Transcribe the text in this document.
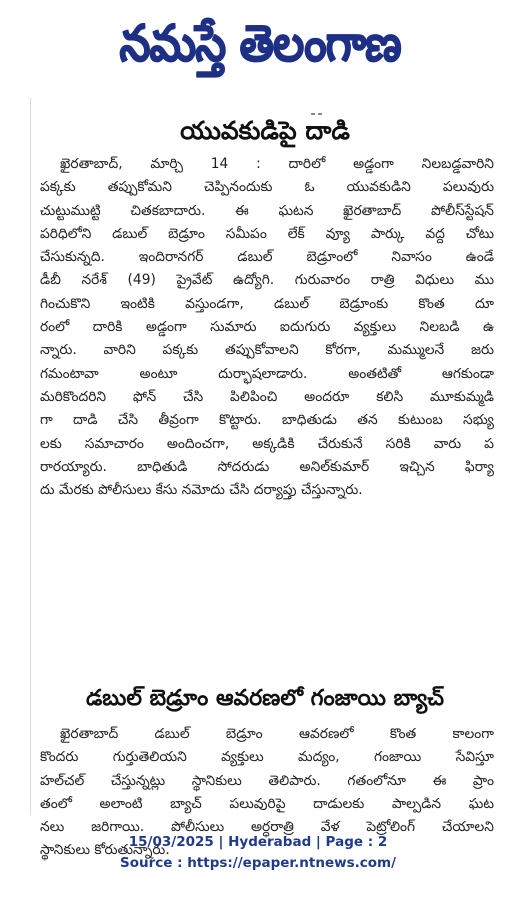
నమస్తే తెలంగాణ
యువకుడిపై దాడి
ఖైరతాబాద్, మార్చి 14 : దారిలో అడ్డంగా నిలబడ్డవారిని
పక్కకు తప్పుకోమని చెప్పినందుకు ఓ యువకుడిని పలువురు
చుట్టుముట్టి చితకబాదారు. ఈ ఘటన ఖైరతాబాద్ పోలీస్‌స్టేషన్
పరిధిలోని డబుల్ బెడ్రూం సమీపం లేక్ వ్యూ పార్కు వద్ద చోటు
చేసుకున్నది. ఇందిరానగర్ డబుల్ బెడ్రూంలో నివాసం ఉండే
డీబీ నరేశ్ (49) ప్రైవేట్ ఉద్యోగి. గురువారం రాత్రి విధులు ము
గించుకొని ఇంటికి వస్తుండగా, డబుల్ బెడ్రూంకు కొంత దూ
రంలో దారికి అడ్డంగా సుమారు ఐదుగురు వ్యక్తులు నిలబడి ఉ
న్నారు. వారిని పక్కకు తప్పుకోవాలని కోరగా, మమ్ములనే జరు
గమంటావా అంటూ దుర్భాషలాడారు. అంతటితో ఆగకుండా
మరికొందరిని ఫోన్ చేసి పిలిపించి అందరూ కలిసి మూకుమ్మడి
గా దాడి చేసి తీవ్రంగా కొట్టారు. బాధితుడు తన కుటుంబ సభ్యు
లకు సమాచారం అందించగా, అక్కడికి చేరుకునే సరికి వారు ప
రారయ్యారు. బాధితుడి సోదరుడు అనిల్‌కుమార్ ఇచ్చిన ఫిర్యా
దు మేరకు పోలీసులు కేసు నమోదు చేసి దర్యాప్తు చేస్తున్నారు.
డబుల్ బెడ్రూం ఆవరణలో గంజాయి బ్యాచ్
ఖైరతాబాద్ డబుల్ బెడ్రూం ఆవరణలో కొంత కాలంగా
కొందరు గుర్తుతెలియని వ్యక్తులు మద్యం, గంజాయి సేవిస్తూ
హల్‌చల్ చేస్తున్నట్లు స్థానికులు తెలిపారు. గతంలోనూ ఈ ప్రాం
తంలో అలాంటి బ్యాచ్ పలువురిపై దాడులకు పాల్పడిన ఘట
నలు జరిగాయి. పోలీసులు అర్ధరాత్రి వేళ పెట్రోలింగ్ చేయాలని
స్థానికులు కోరుతున్నారు.
15/03/2025 | Hyderabad | Page : 2
Source : https://epaper.ntnews.com/
